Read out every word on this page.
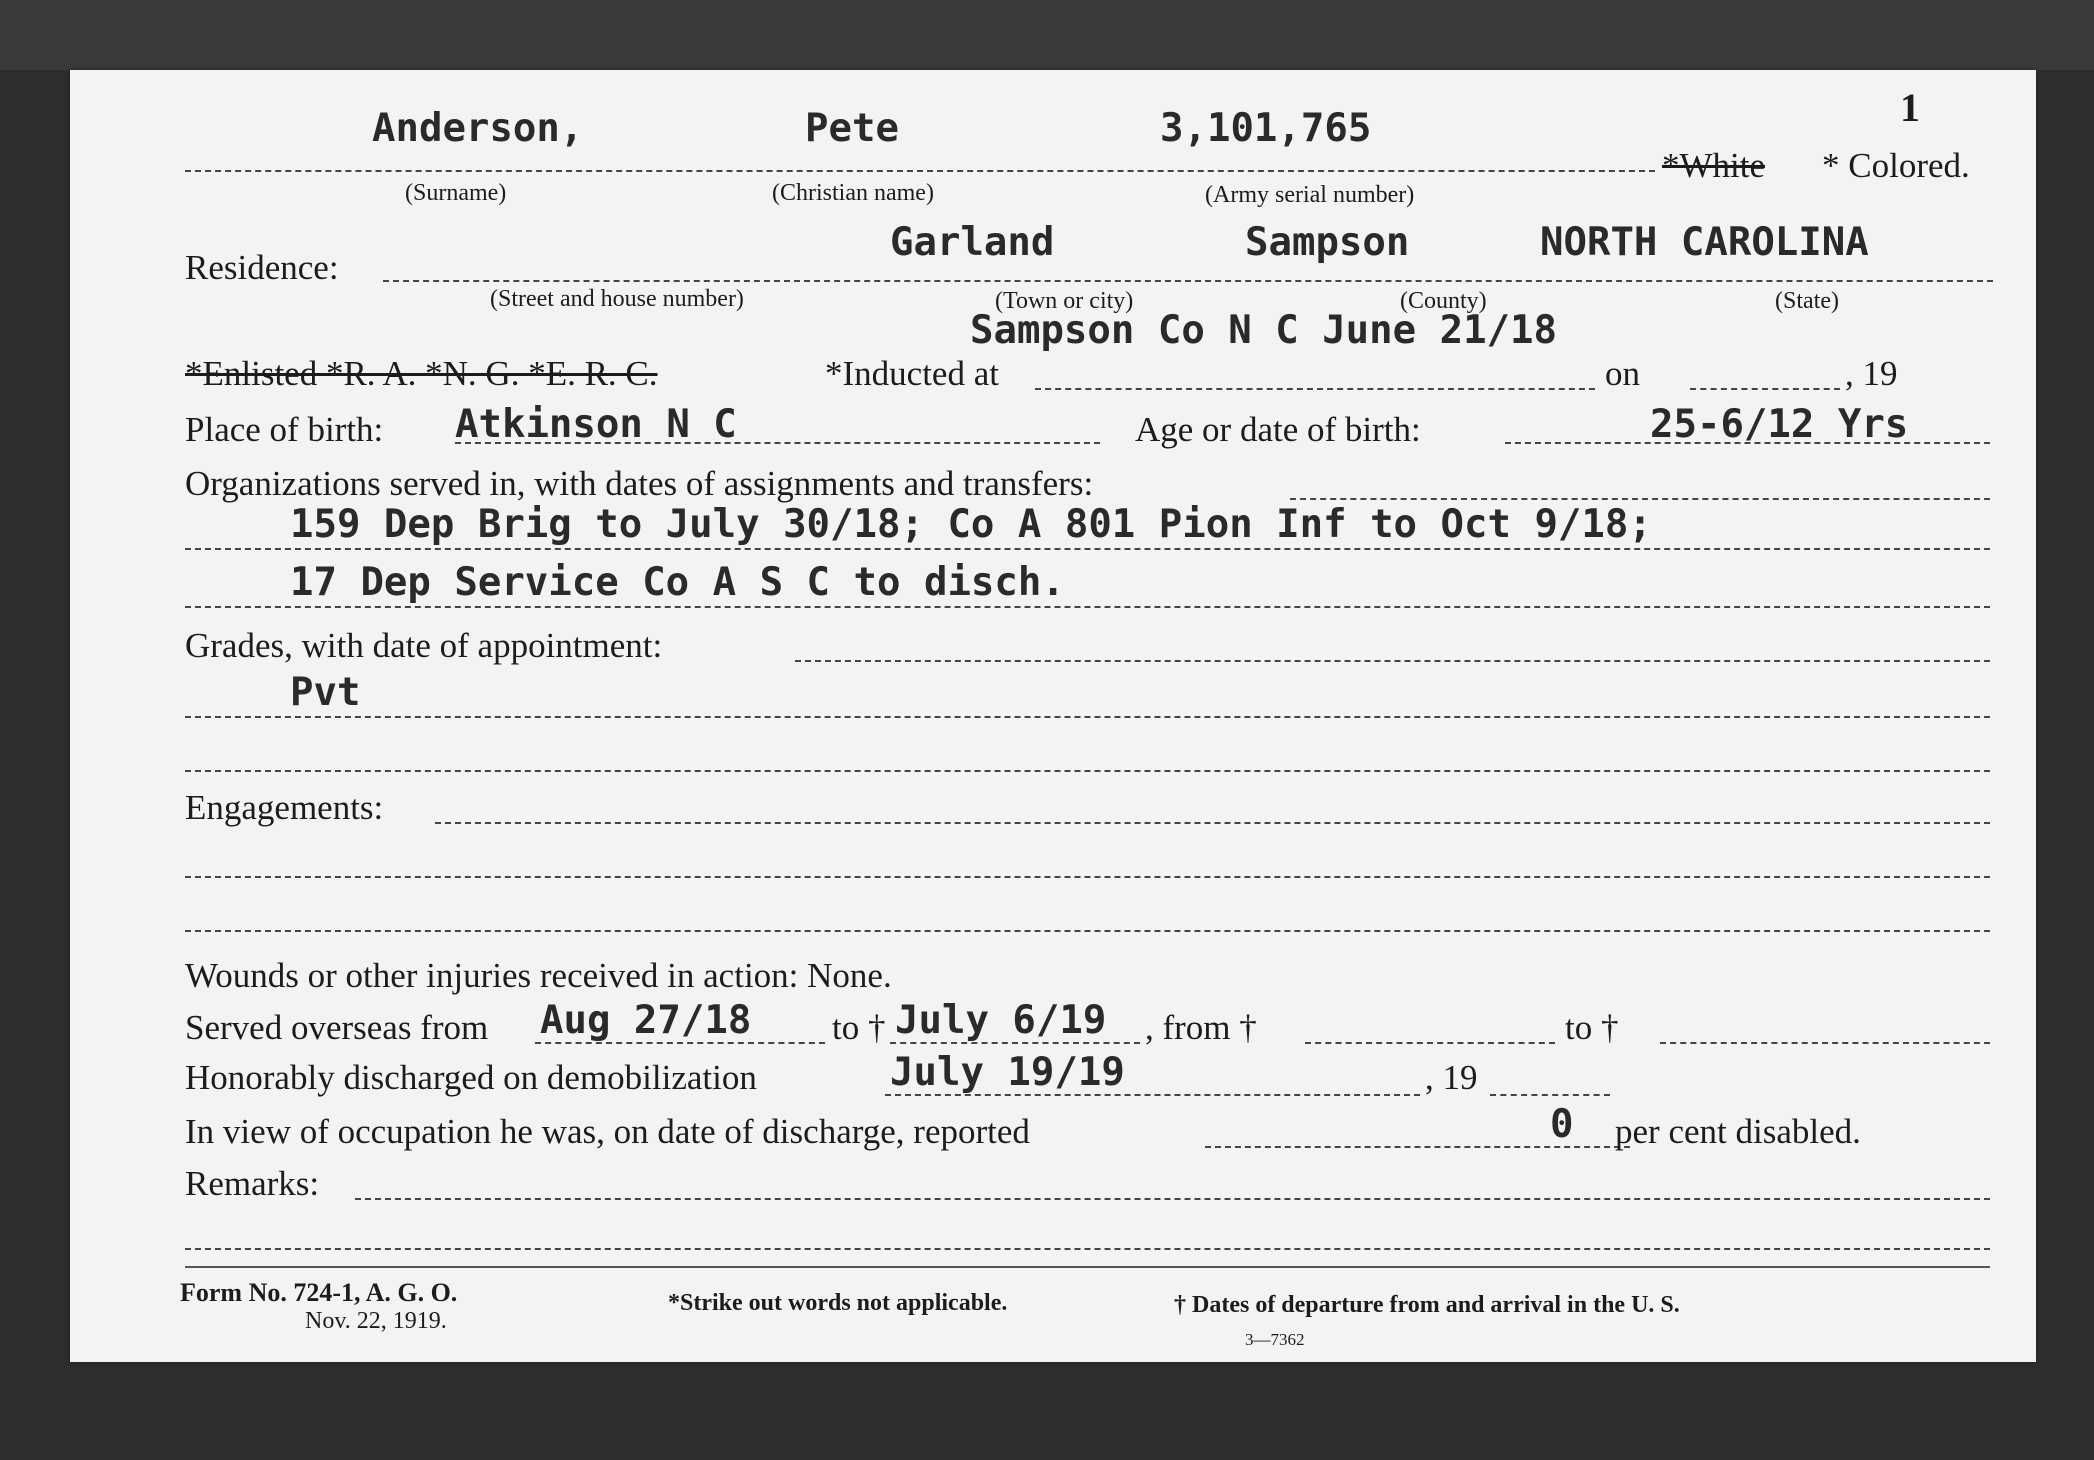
1
Anderson,	Pete	3,101,765
*White * Colored.
(Surname)	(Christian name)	(Army serial number)
Residence:
Garland	Sampson	NORTH CAROLINA
(Street and house number)	(Town or city)	(County)	(State)
Sampson Co N C June 21/18
*Enlisted *R. A. *N. G. *E. R. C.	*Inducted at	on	, 19
Place of birth: Atkinson N C	Age or date of birth:	25-6/12 Yrs
Organizations served in, with dates of assignments and transfers:
159 Dep Brig to July 30/18; Co A 801 Pion Inf to Oct 9/18;
17 Dep Service Co A S C to disch.
Grades, with date of appointment:
Pvt
Engagements:
Wounds or other injuries received in action: None.
Served overseas from Aug 27/18 to † July 6/19 , from †	to †
Honorably discharged on demobilization	July 19/19	, 19
In view of occupation he was, on date of discharge, reported	0 per cent disabled.
Remarks:
Form No. 724-1, A. G. O.
Nov. 22, 1919.
*Strike out words not applicable.	† Dates of departure from and arrival in the U. S.
3—7362
